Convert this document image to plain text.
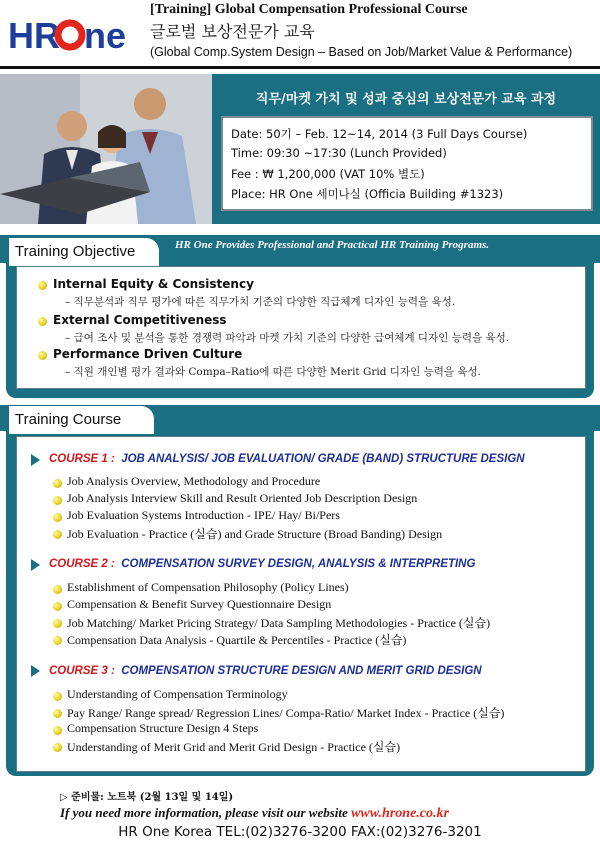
HR ne
[Training] Global Compensation Professional Course
글로벌 보상전문가 교육
(Global Comp.System Design – Based on Job/Market Value & Performance)
직무/마켓 가치 및 성과 중심의 보상전문가 교육 과정
Date: 50기 – Feb. 12~14, 2014 (3 Full Days Course)
Time: 09:30 ~17:30 (Lunch Provided)
Fee : ₩ 1,200,000 (VAT 10% 별도)
Place: HR One 세미나실 (Officia Building #1323)
Training Objective	HR One Provides Professional and Practical HR Training Programs.
Internal Equity & Consistency
– 직무분석과 직무 평가에 따른 직무가치 기준의 다양한 직급체계 디자인 능력을 육성.
External Competitiveness
– 급여 조사 및 분석을 통한 경쟁력 파악과 마켓 가치 기준의 다양한 급여체계 디자인 능력을 육성.
Performance Driven Culture
– 직원 개인별 평가 결과와 Compa–Ratio에 따른 다양한 Merit Grid 디자인 능력을 육성.
Training Course
COURSE 1 : JOB ANALYSIS/ JOB EVALUATION/ GRADE (BAND) STRUCTURE DESIGN
Job Analysis Overview, Methodology and Procedure
Job Analysis Interview Skill and Result Oriented Job Description Design
Job Evaluation Systems Introduction - IPE/ Hay/ Bi/Pers
Job Evaluation - Practice (실습) and Grade Structure (Broad Banding) Design
COURSE 2 : COMPENSATION SURVEY DESIGN, ANALYSIS & INTERPRETING
Establishment of Compensation Philosophy (Policy Lines)
Compensation & Benefit Survey Questionnaire Design
Job Matching/ Market Pricing Strategy/ Data Sampling Methodologies - Practice (실습)
Compensation Data Analysis - Quartile & Percentiles - Practice (실습)
COURSE 3 : COMPENSATION STRUCTURE DESIGN AND MERIT GRID DESIGN
Understanding of Compensation Terminology
Pay Range/ Range spread/ Regression Lines/ Compa-Ratio/ Market Index - Practice (실습)
Compensation Structure Design 4 Steps
Understanding of Merit Grid and Merit Grid Design - Practice (실습)
▷ 준비물: 노트북 (2월 13일 및 14일)
If you need more information, please visit our website www.hrone.co.kr
HR One Korea TEL:(02)3276-3200 FAX:(02)3276-3201
